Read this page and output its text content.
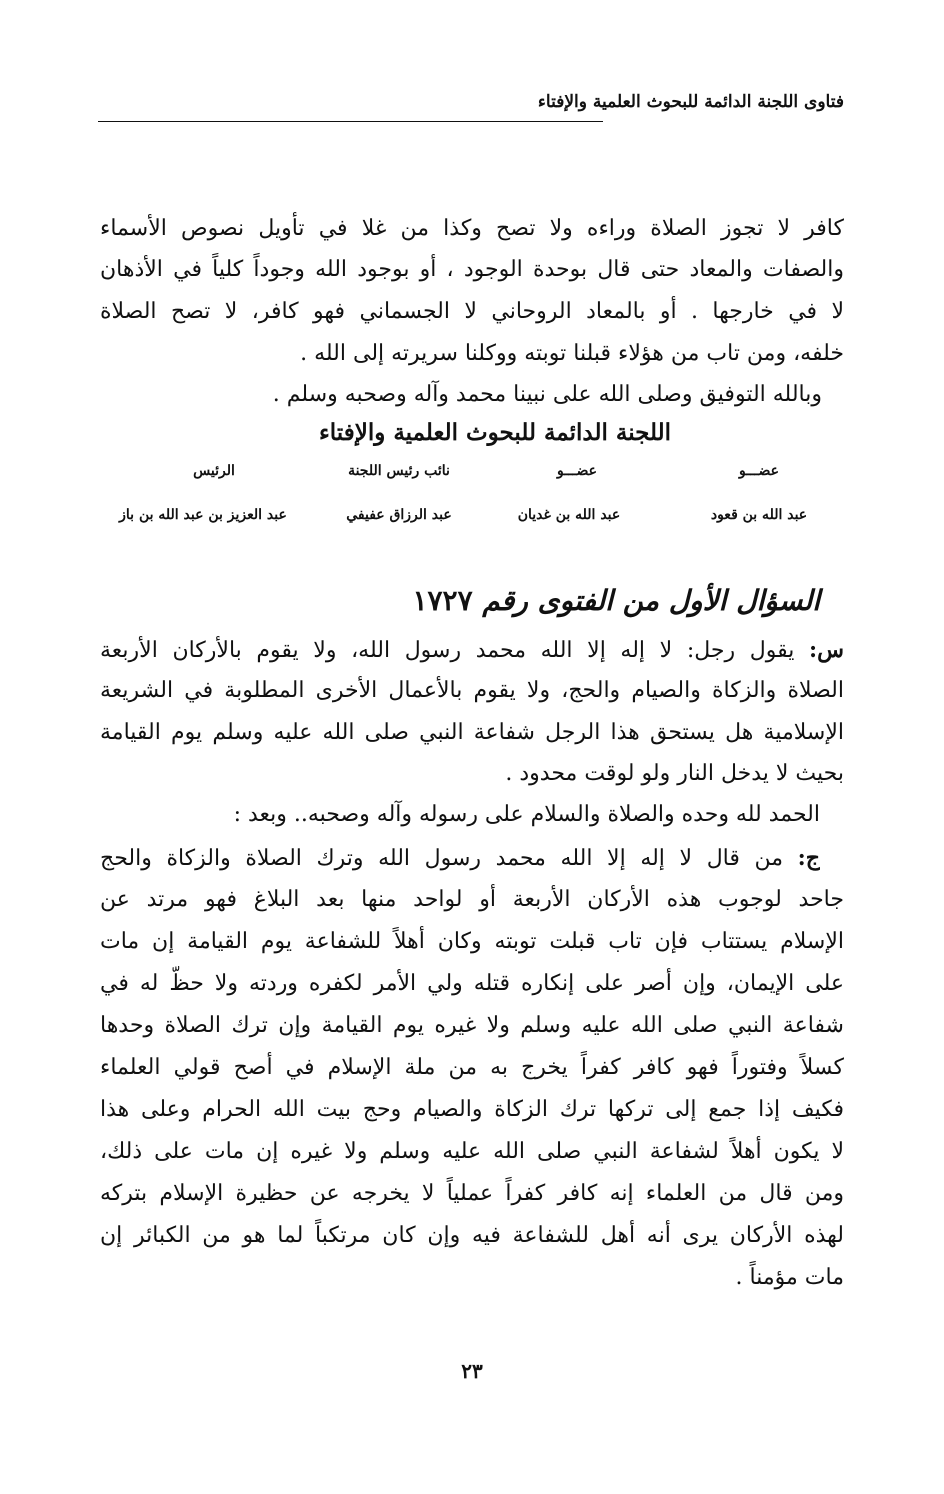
فتاوى اللجنة الدائمة للبحوث العلمية والإفتاء
كافر لا تجوز الصلاة وراءه ولا تصح وكذا من غلا في تأويل نصوص الأسماء
والصفات والمعاد حتى قال بوحدة الوجود ، أو بوجود الله وجوداً كلياً في الأذهان
لا في خارجها . أو بالمعاد الروحاني لا الجسماني فهو كافر، لا تصح الصلاة
خلفه، ومن تاب من هؤلاء قبلنا توبته ووكلنا سريرته إلى الله .
وبالله التوفيق وصلى الله على نبينا محمد وآله وصحبه وسلم .
اللجنة الدائمة للبحوث العلمية والإفتاء
عضـــو
عضـــو
نائب رئيس اللجنة
الرئيس
عبد الله بن قعود
عبد الله بن غديان
عبد الرزاق عفيفي
عبد العزيز بن عبد الله بن باز
السؤال الأول من الفتوى رقم ١٧٢٧
س: يقول رجل: لا إله إلا الله محمد رسول الله، ولا يقوم بالأركان الأربعة
الصلاة والزكاة والصيام والحج، ولا يقوم بالأعمال الأخرى المطلوبة في الشريعة
الإسلامية هل يستحق هذا الرجل شفاعة النبي صلى الله عليه وسلم يوم القيامة
بحيث لا يدخل النار ولو لوقت محدود .
الحمد لله وحده والصلاة والسلام على رسوله وآله وصحبه.. وبعد :
ج: من قال لا إله إلا الله محمد رسول الله وترك الصلاة والزكاة والحج
جاحد لوجوب هذه الأركان الأربعة أو لواحد منها بعد البلاغ فهو مرتد عن
الإسلام يستتاب فإن تاب قبلت توبته وكان أهلاً للشفاعة يوم القيامة إن مات
على الإيمان، وإن أصر على إنكاره قتله ولي الأمر لكفره وردته ولا حظّ له في
شفاعة النبي صلى الله عليه وسلم ولا غيره يوم القيامة وإن ترك الصلاة وحدها
كسلاً وفتوراً فهو كافر كفراً يخرج به من ملة الإسلام في أصح قولي العلماء
فكيف إذا جمع إلى تركها ترك الزكاة والصيام وحج بيت الله الحرام وعلى هذا
لا يكون أهلاً لشفاعة النبي صلى الله عليه وسلم ولا غيره إن مات على ذلك،
ومن قال من العلماء إنه كافر كفراً عملياً لا يخرجه عن حظيرة الإسلام بتركه
لهذه الأركان يرى أنه أهل للشفاعة فيه وإن كان مرتكباً لما هو من الكبائر إن
مات مؤمناً .
٢٣
